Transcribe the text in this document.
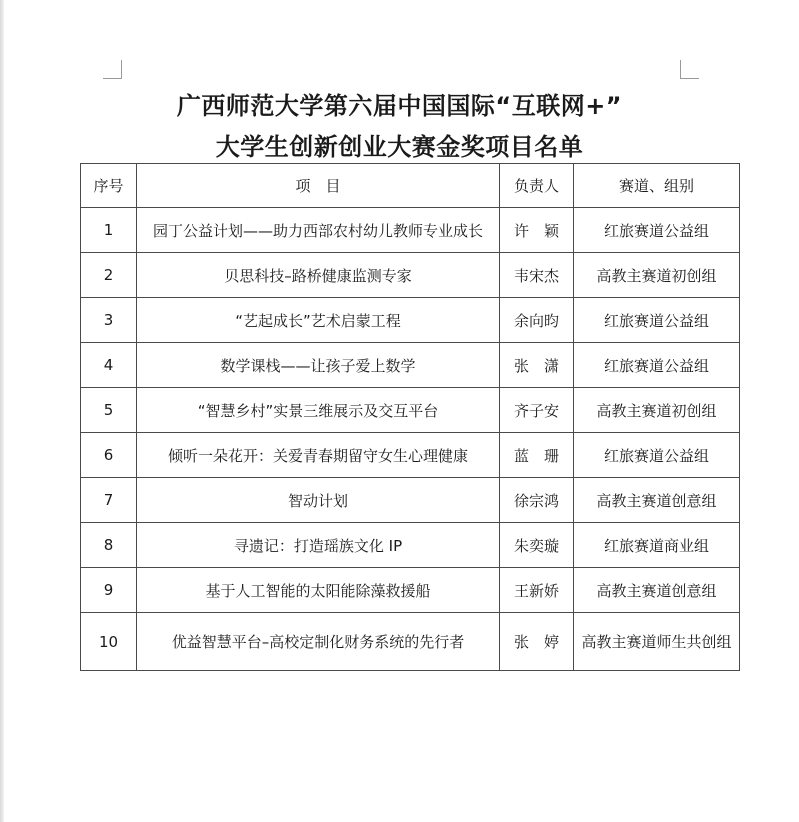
广西师范大学第六届中国国际“互联网+”
大学生创新创业大赛金奖项目名单
序号	项　目	负责人	赛道、组别
1	园丁公益计划——助力西部农村幼儿教师专业成长	许　颖	红旅赛道公益组
2	贝思科技–路桥健康监测专家	韦宋杰	高教主赛道初创组
3	“艺起成长”艺术启蒙工程	余向昀	红旅赛道公益组
4	数学课栈——让孩子爱上数学	张　潇	红旅赛道公益组
5	“智慧乡村”实景三维展示及交互平台	齐子安	高教主赛道初创组
6	倾听一朵花开：关爱青春期留守女生心理健康	蓝　珊	红旅赛道公益组
7	智动计划	徐宗鸿	高教主赛道创意组
8	寻遗记：打造瑶族文化 IP	朱奕璇	红旅赛道商业组
9	基于人工智能的太阳能除藻救援船	王新娇	高教主赛道创意组
10	优益智慧平台–高校定制化财务系统的先行者	张　婷	高教主赛道师生共创组
